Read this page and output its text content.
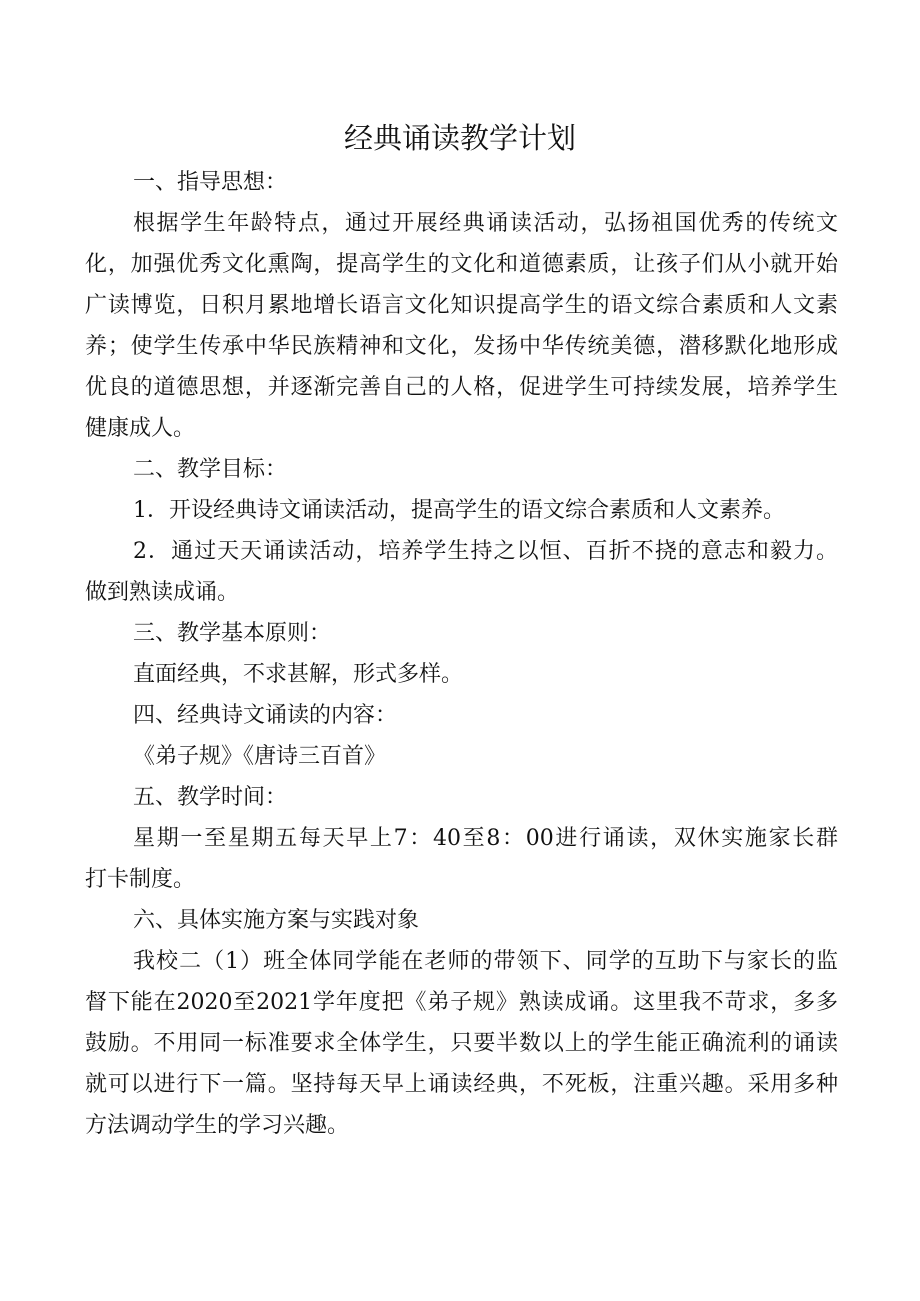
经典诵读教学计划
一、指导思想：
根据学生年龄特点，通过开展经典诵读活动，弘扬祖国优秀的传统文
化，加强优秀文化熏陶，提高学生的文化和道德素质，让孩子们从小就开始
广读博览，日积月累地增长语言文化知识提高学生的语文综合素质和人文素
养；使学生传承中华民族精神和文化，发扬中华传统美德，潜移默化地形成
优良的道德思想，并逐渐完善自己的人格，促进学生可持续发展，培养学生
健康成人。
二、教学目标：
1．开设经典诗文诵读活动，提高学生的语文综合素质和人文素养。
2．通过天天诵读活动，培养学生持之以恒、百折不挠的意志和毅力。
做到熟读成诵。
三、教学基本原则：
直面经典，不求甚解，形式多样。
四、经典诗文诵读的内容：
《弟子规》《唐诗三百首》
五、教学时间：
星期一至星期五每天早上7：40至8：00进行诵读，双休实施家长群
打卡制度。
六、具体实施方案与实践对象
我校二（1）班全体同学能在老师的带领下、同学的互助下与家长的监
督下能在2020至2021学年度把《弟子规》熟读成诵。这里我不苛求，多多
鼓励。不用同一标准要求全体学生，只要半数以上的学生能正确流利的诵读
就可以进行下一篇。坚持每天早上诵读经典，不死板，注重兴趣。采用多种
方法调动学生的学习兴趣。
